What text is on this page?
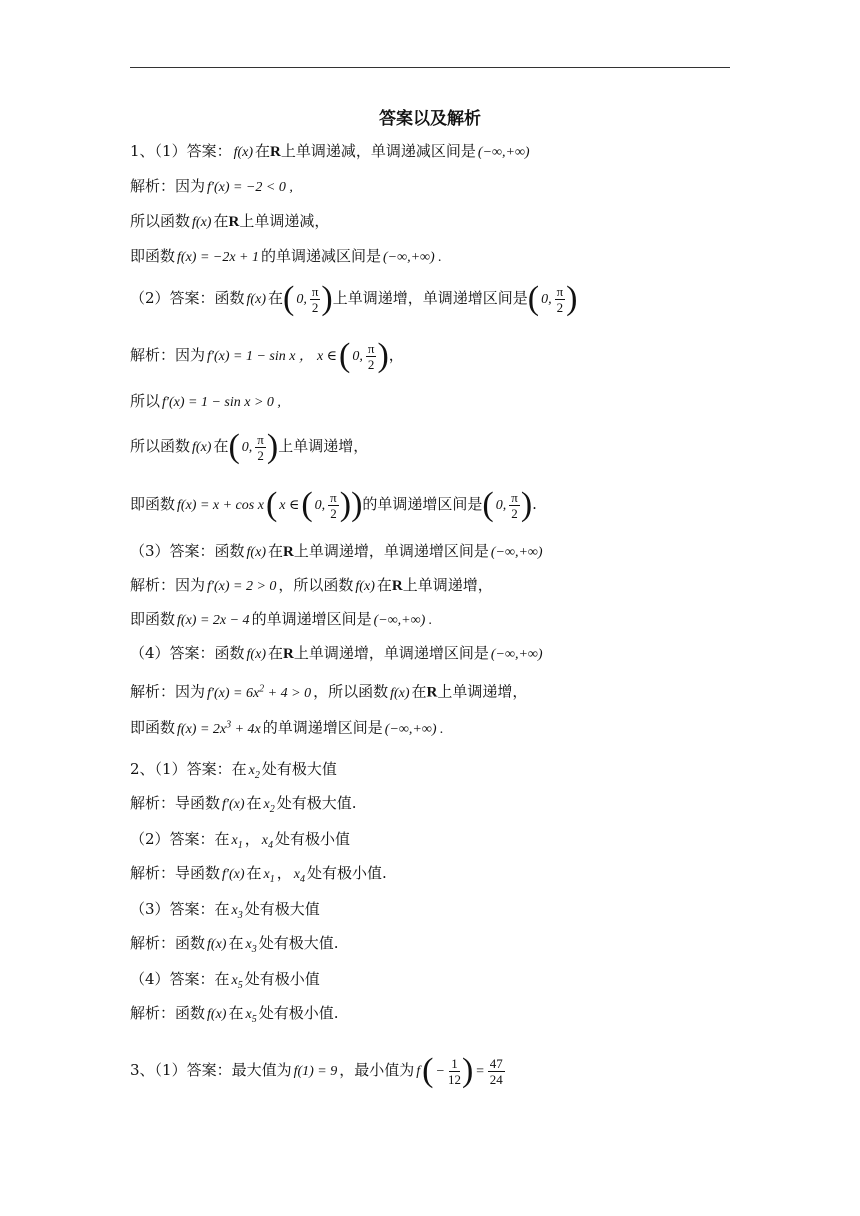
答案以及解析
1、（1）答案： f(x) 在R上单调递减，单调递减区间是 (−∞,+∞)
解析：因为 f′(x) = −2 < 0 ,
所以函数 f(x) 在R上单调递减，
即函数 f(x) = −2x + 1 的单调递减区间是 (−∞,+∞) .
（2）答案：函数 f(x) 在( 0, $\frac{\pi}{2}$ )上单调递增，单调递增区间是( 0, $\frac{\pi}{2}$ )
解析：因为 f′(x) = 1 − sin x ， x ∈( 0, $\frac{\pi}{2}$ )，
所以 f′(x) = 1 − sin x > 0 ,
所以函数 f(x) 在( 0, $\frac{\pi}{2}$ )上单调递增，
即函数 f(x) = x + cos x( x ∈( 0, $\frac{\pi}{2}$ ))的单调递增区间是( 0, $\frac{\pi}{2}$ ).
（3）答案：函数 f(x) 在R上单调递增，单调递增区间是 (−∞,+∞)
解析：因为 f′(x) = 2 > 0 ，所以函数 f(x) 在R上单调递增，
即函数 f(x) = 2x − 4 的单调递增区间是 (−∞,+∞) .
（4）答案：函数 f(x) 在R上单调递增，单调递增区间是 (−∞,+∞)
解析：因为 $f'(x) = 6x^2 + 4 > 0$ ，所以函数 f(x) 在R上单调递增，
即函数 $f(x) = 2x^3 + 4x$ 的单调递增区间是 (−∞,+∞) .
2、（1）答案：在 $x_2$ 处有极大值
解析：导函数 f′(x) 在 $x_2$ 处有极大值.
（2）答案：在 $x_1$ ， $x_4$ 处有极小值
解析：导函数 f′(x) 在 $x_1$ ， $x_4$ 处有极小值.
（3）答案：在 $x_3$ 处有极大值
解析：函数 f(x) 在 $x_3$ 处有极大值.
（4）答案：在 $x_5$ 处有极小值
解析：函数 f(x) 在 $x_5$ 处有极小值.
3、（1）答案：最大值为 f(1) = 9 ，最小值为 $f( - \frac{1}{12}$ ) = $\frac{47}{24}$
